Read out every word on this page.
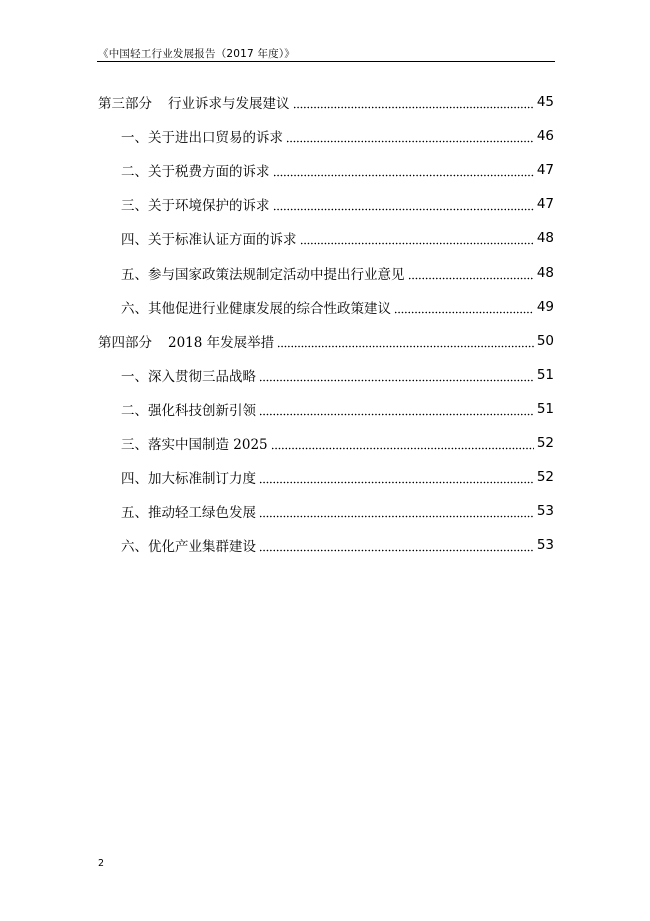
《中国轻工行业发展报告（2017 年度）》
第三部分 行业诉求与发展建议	45
一、关于进出口贸易的诉求	46
二、关于税费方面的诉求	47
三、关于环境保护的诉求	47
四、关于标准认证方面的诉求	48
五、参与国家政策法规制定活动中提出行业意见	48
六、其他促进行业健康发展的综合性政策建议	49
第四部分 2018 年发展举措	50
一、深入贯彻三品战略	51
二、强化科技创新引领	51
三、落实中国制造 2025	52
四、加大标准制订力度	52
五、推动轻工绿色发展	53
六、优化产业集群建设	53
2
